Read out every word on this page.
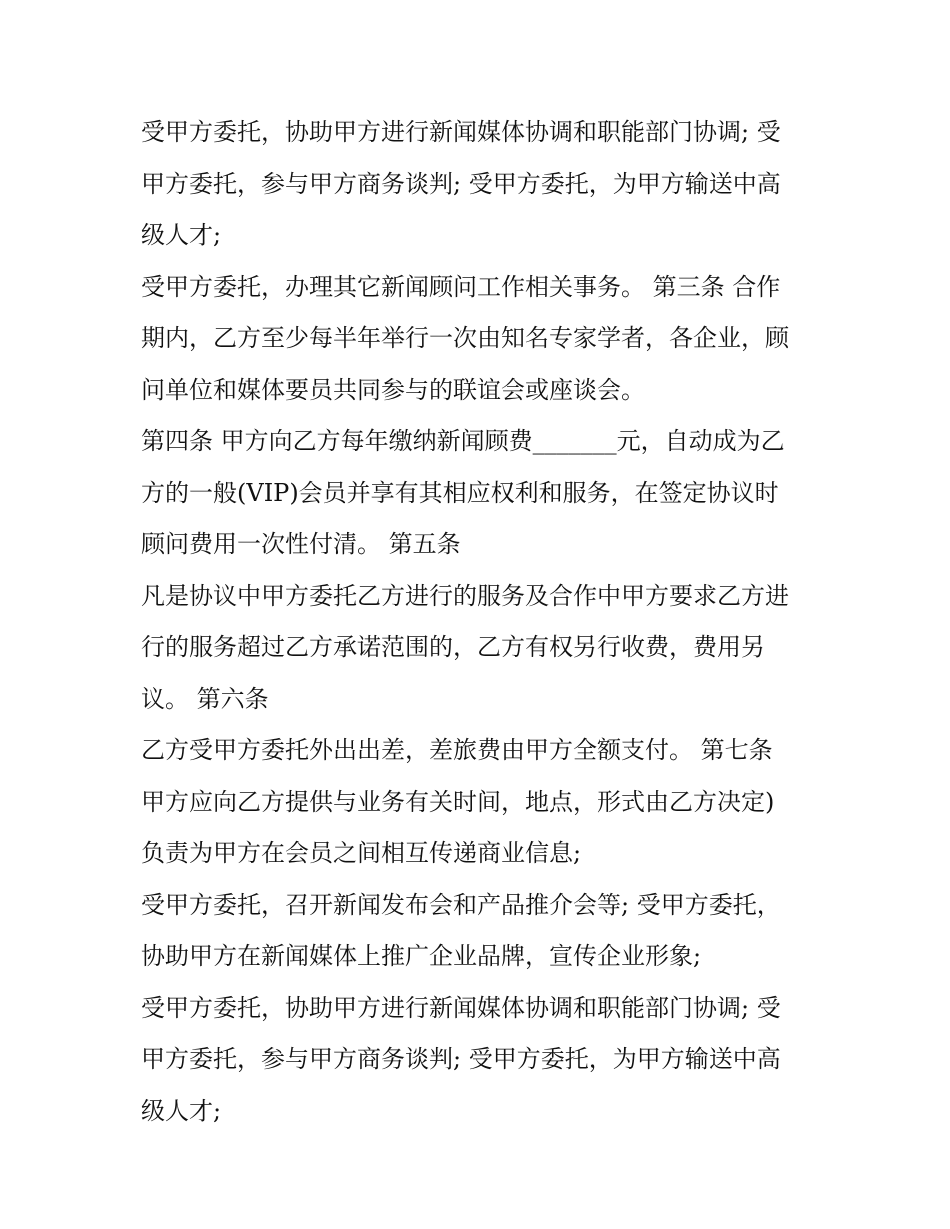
受甲方委托，协助甲方进行新闻媒体协调和职能部门协调; 受
甲方委托，参与甲方商务谈判; 受甲方委托，为甲方输送中高
级人才;
受甲方委托，办理其它新闻顾问工作相关事务。 第三条 合作
期内，乙方至少每半年举行一次由知名专家学者，各企业，顾
问单位和媒体要员共同参与的联谊会或座谈会。
第四条 甲方向乙方每年缴纳新闻顾费_______元，自动成为乙
方的一般(VIP)会员并享有其相应权利和服务，在签定协议时
顾问费用一次性付清。 第五条
凡是协议中甲方委托乙方进行的服务及合作中甲方要求乙方进
行的服务超过乙方承诺范围的，乙方有权另行收费，费用另
议。 第六条
乙方受甲方委托外出出差，差旅费由甲方全额支付。 第七条
甲方应向乙方提供与业务有关时间，地点，形式由乙方决定)
负责为甲方在会员之间相互传递商业信息;
受甲方委托，召开新闻发布会和产品推介会等; 受甲方委托，
协助甲方在新闻媒体上推广企业品牌，宣传企业形象;
受甲方委托，协助甲方进行新闻媒体协调和职能部门协调; 受
甲方委托，参与甲方商务谈判; 受甲方委托，为甲方输送中高
级人才;
